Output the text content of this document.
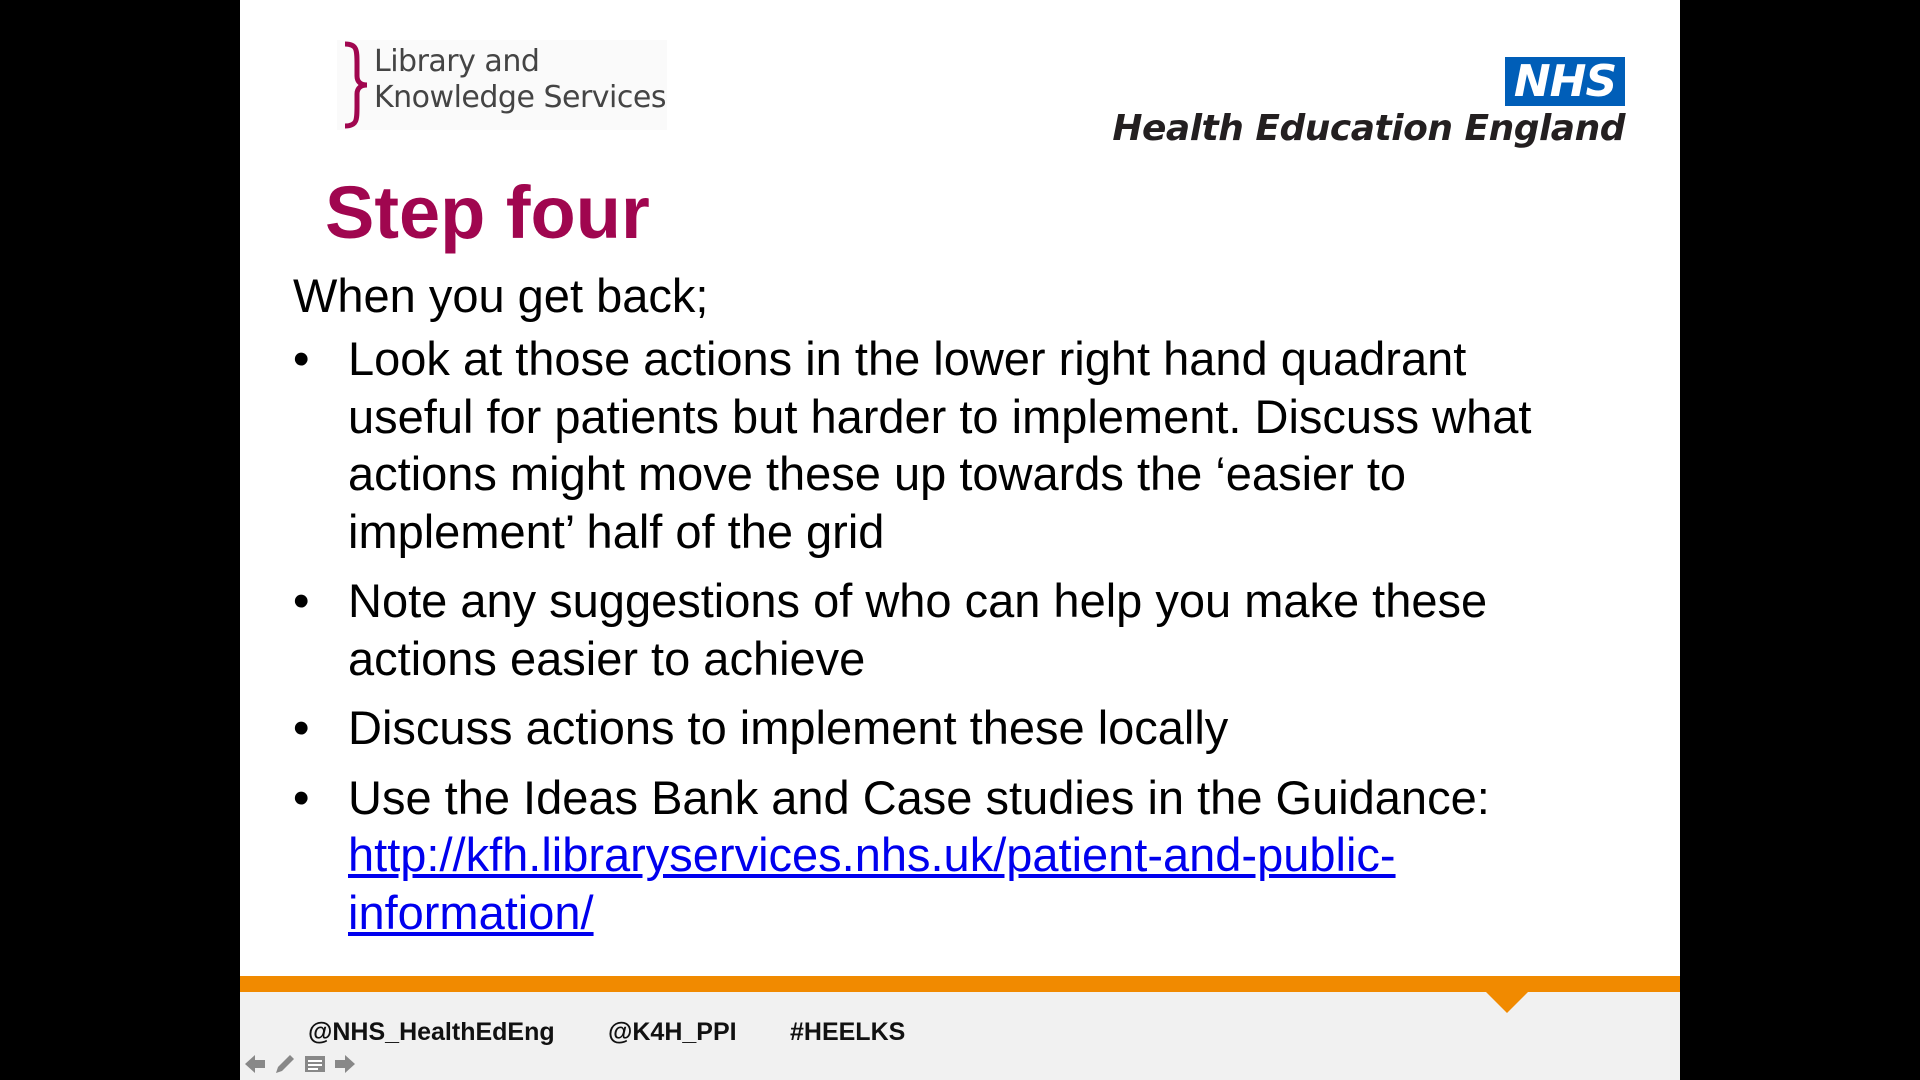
Library and
Knowledge Services	NHS
Health Education England
Step four
When you get back;
• Look at those actions in the lower right hand quadrant useful for patients but harder to implement. Discuss what actions might move these up towards the ‘easier to implement’ half of the grid
• Note any suggestions of who can help you make these actions easier to achieve
• Discuss actions to implement these locally
• Use the Ideas Bank and Case studies in the Guidance:
http://kfh.libraryservices.nhs.uk/patient-and-public-information/
@NHS_HealthEdEng @K4H_PPI #HEELKS
